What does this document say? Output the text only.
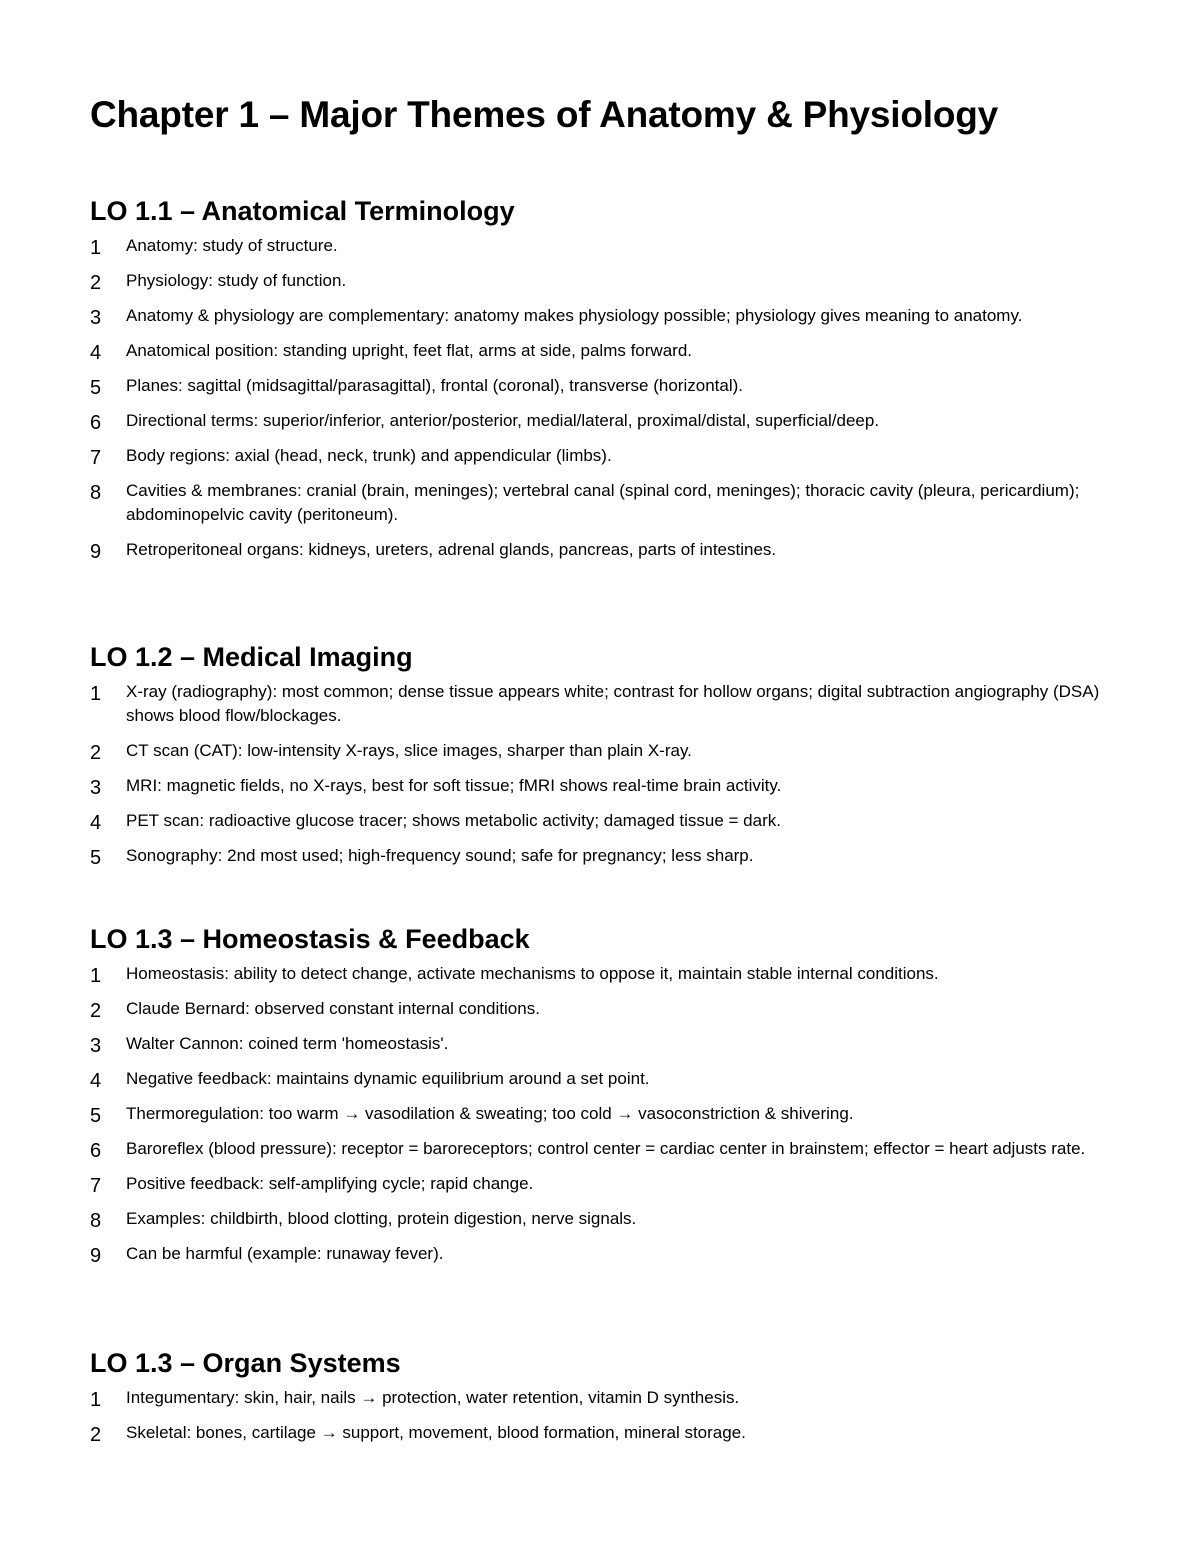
Chapter 1 – Major Themes of Anatomy & Physiology
LO 1.1 – Anatomical Terminology
1 Anatomy: study of structure.
2 Physiology: study of function.
3 Anatomy & physiology are complementary: anatomy makes physiology possible; physiology gives meaning to anatomy.
4 Anatomical position: standing upright, feet flat, arms at side, palms forward.
5 Planes: sagittal (midsagittal/parasagittal), frontal (coronal), transverse (horizontal).
6 Directional terms: superior/inferior, anterior/posterior, medial/lateral, proximal/distal, superficial/deep.
7 Body regions: axial (head, neck, trunk) and appendicular (limbs).
8 Cavities & membranes: cranial (brain, meninges); vertebral canal (spinal cord, meninges); thoracic cavity (pleura, pericardium); abdominopelvic cavity (peritoneum).
9 Retroperitoneal organs: kidneys, ureters, adrenal glands, pancreas, parts of intestines.
LO 1.2 – Medical Imaging
1 X-ray (radiography): most common; dense tissue appears white; contrast for hollow organs; digital subtraction angiography (DSA) shows blood flow/blockages.
2 CT scan (CAT): low-intensity X-rays, slice images, sharper than plain X-ray.
3 MRI: magnetic fields, no X-rays, best for soft tissue; fMRI shows real-time brain activity.
4 PET scan: radioactive glucose tracer; shows metabolic activity; damaged tissue = dark.
5 Sonography: 2nd most used; high-frequency sound; safe for pregnancy; less sharp.
LO 1.3 – Homeostasis & Feedback
1 Homeostasis: ability to detect change, activate mechanisms to oppose it, maintain stable internal conditions.
2 Claude Bernard: observed constant internal conditions.
3 Walter Cannon: coined term 'homeostasis'.
4 Negative feedback: maintains dynamic equilibrium around a set point.
5 Thermoregulation: too warm → vasodilation & sweating; too cold → vasoconstriction & shivering.
6 Baroreflex (blood pressure): receptor = baroreceptors; control center = cardiac center in brainstem; effector = heart adjusts rate.
7 Positive feedback: self-amplifying cycle; rapid change.
8 Examples: childbirth, blood clotting, protein digestion, nerve signals.
9 Can be harmful (example: runaway fever).
LO 1.3 – Organ Systems
1 Integumentary: skin, hair, nails → protection, water retention, vitamin D synthesis.
2 Skeletal: bones, cartilage → support, movement, blood formation, mineral storage.
